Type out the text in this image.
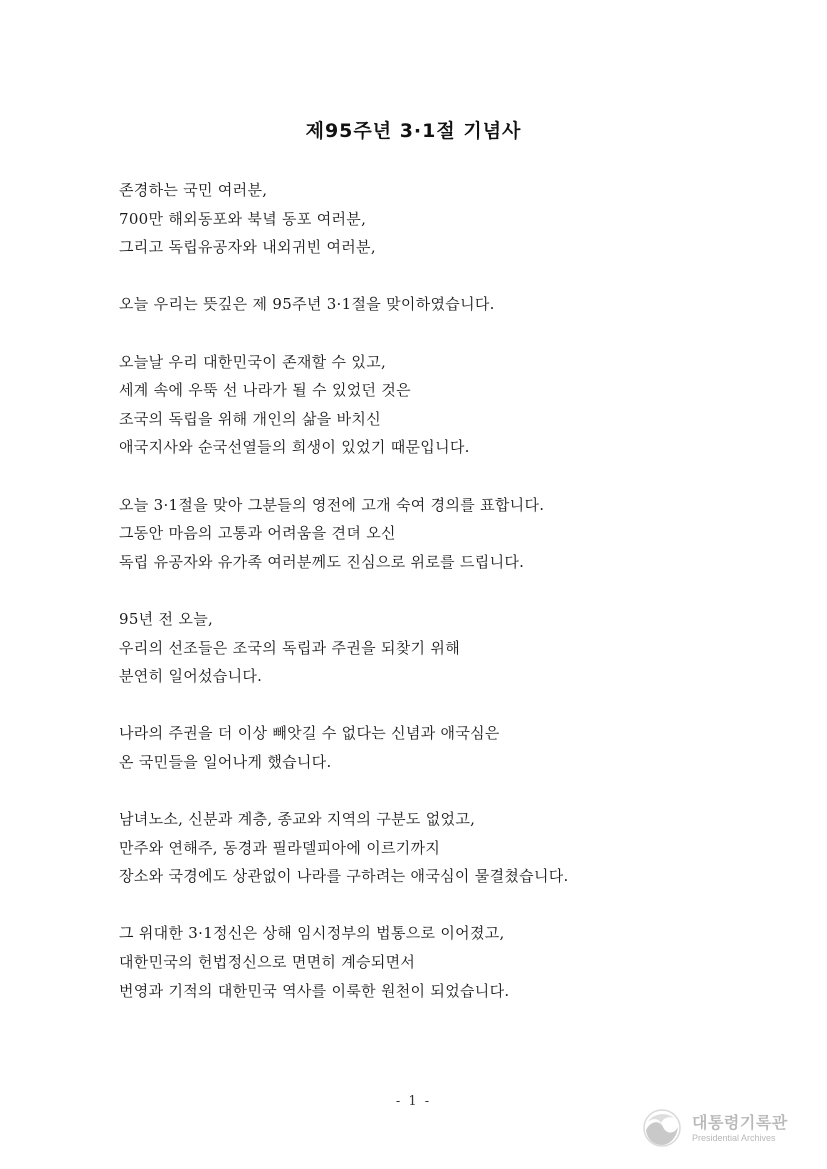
제95주년 3·1절 기념사
존경하는 국민 여러분,
700만 해외동포와 북녘 동포 여러분,
그리고 독립유공자와 내외귀빈 여러분,
오늘 우리는 뜻깊은 제 95주년 3·1절을 맞이하였습니다.
오늘날 우리 대한민국이 존재할 수 있고,
세계 속에 우뚝 선 나라가 될 수 있었던 것은
조국의 독립을 위해 개인의 삶을 바치신
애국지사와 순국선열들의 희생이 있었기 때문입니다.
오늘 3·1절을 맞아 그분들의 영전에 고개 숙여 경의를 표합니다.
그동안 마음의 고통과 어려움을 견뎌 오신
독립 유공자와 유가족 여러분께도 진심으로 위로를 드립니다.
95년 전 오늘,
우리의 선조들은 조국의 독립과 주권을 되찾기 위해
분연히 일어섰습니다.
나라의 주권을 더 이상 빼앗길 수 없다는 신념과 애국심은
온 국민들을 일어나게 했습니다.
남녀노소, 신분과 계층, 종교와 지역의 구분도 없었고,
만주와 연해주, 동경과 필라델피아에 이르기까지
장소와 국경에도 상관없이 나라를 구하려는 애국심이 물결쳤습니다.
그 위대한 3·1정신은 상해 임시정부의 법통으로 이어졌고,
대한민국의 헌법정신으로 면면히 계승되면서
번영과 기적의 대한민국 역사를 이룩한 원천이 되었습니다.
- 1 -
대통령기록관
Presidential Archives
